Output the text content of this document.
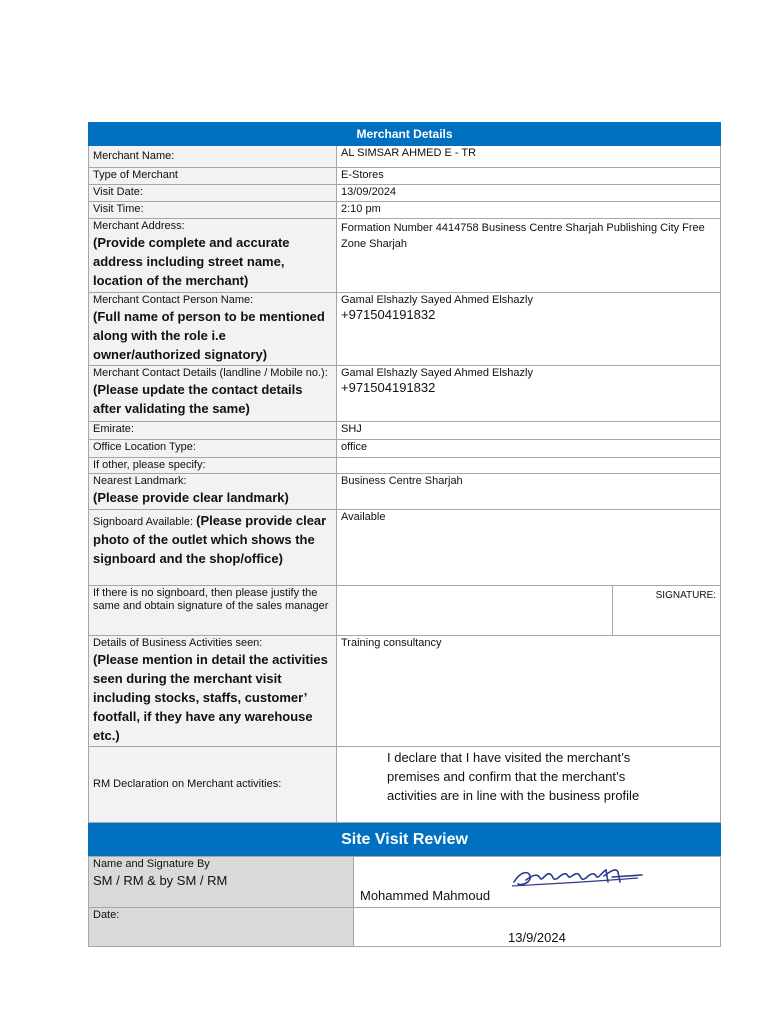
Merchant Details		
Merchant Name:	AL SIMSAR AHMED E - TR	
Type of Merchant	E-Stores	
Visit Date:	13/09/2024	
Visit Time:	2:10 pm	
Merchant Address:
(Provide complete and accurate address including street name, location of the merchant)	Formation Number 4414758 Business Centre Sharjah Publishing City Free Zone Sharjah	
Merchant Contact Person Name:
(Full name of person to be mentioned along with the role i.e owner/authorized signatory)	Gamal Elshazly Sayed Ahmed Elshazly
+971504191832	

Merchant Contact Details (landline / Mobile no.):(Please update the contact details after validating the same)	Gamal Elshazly Sayed Ahmed Elshazly
+971504191832	

Emirate:	SHJ	
Office Location Type:	office	
If other, please specify:		
Nearest Landmark:
(Please provide clear landmark)	Business Centre Sharjah	
Signboard Available: (Please provide clear photo of the outlet which shows the signboard and the shop/office)	Available	
If there is no signboard, then please justify the same and obtain signature of the sales manager		SIGNATURE:
Details of Business Activities seen:
(Please mention in detail the activities seen during the merchant visit including stocks, staffs, customer’ footfall, if they have any warehouse etc.)	Training consultancy	
RM Declaration on Merchant activities:	I declare that I have visited the merchant’s premises and confirm that the merchant’s activities are in line with the business profile	
Site Visit Review		
Name and Signature By
SM / RM & by SM / RM	Mohammed Mahmoud

Date:	13/9/2024
